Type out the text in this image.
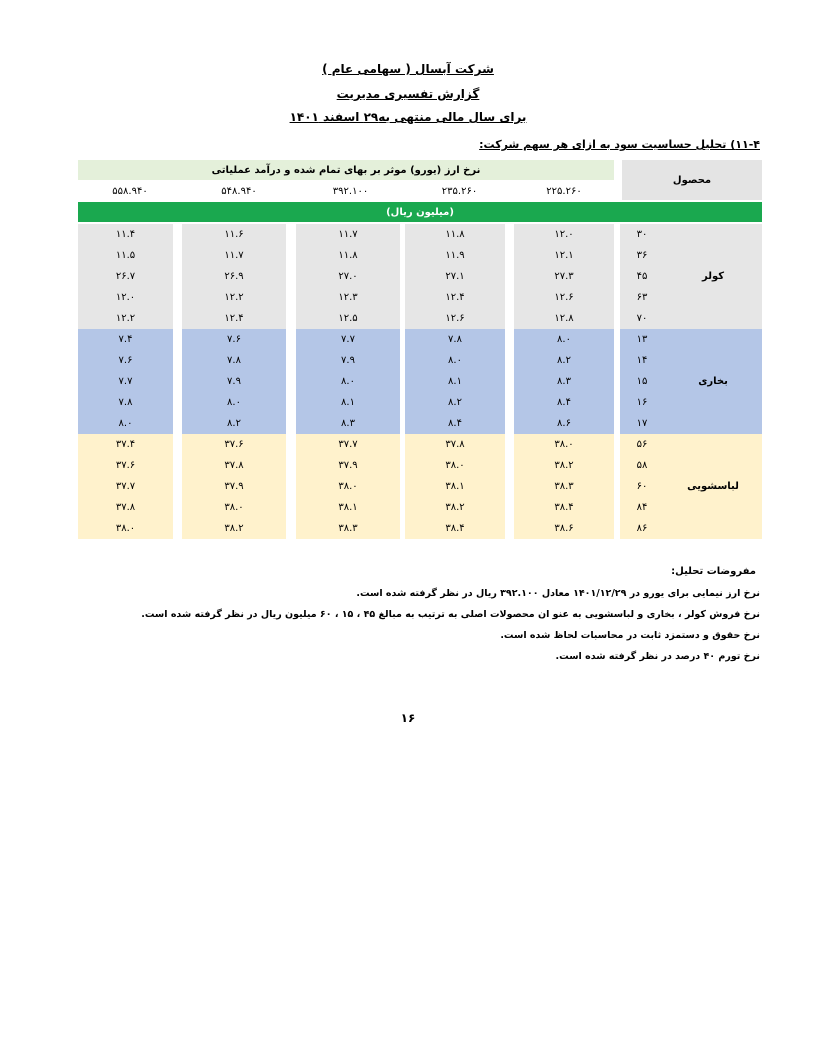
شرکت آبسال ( سهامی عام )
گزارش تفسیری مدیریت
برای سال مالی منتهی به۲۹ اسفند ۱۴۰۱
۱۱-۴) تحلیل حساسیت سود به ازای هر سهم شرکت:
محصول
نرخ ارز (یورو) موثر بر بهای تمام شده و درآمد عملیاتی
۲۲۵.۲۶۰
۲۳۵.۲۶۰
۳۹۲.۱۰۰
۵۴۸.۹۴۰
۵۵۸.۹۴۰
(میلیون ریال)
کولر
۳۰
۱۲.۰
۱۱.۸
۱۱.۷
۱۱.۶
۱۱.۴
۳۶
۱۲.۱
۱۱.۹
۱۱.۸
۱۱.۷
۱۱.۵
۴۵
۲۷.۳
۲۷.۱
۲۷.۰
۲۶.۹
۲۶.۷
۶۳
۱۲.۶
۱۲.۴
۱۲.۳
۱۲.۲
۱۲.۰
۷۰
۱۲.۸
۱۲.۶
۱۲.۵
۱۲.۴
۱۲.۲
بخاری
۱۳
۸.۰
۷.۸
۷.۷
۷.۶
۷.۴
۱۴
۸.۲
۸.۰
۷.۹
۷.۸
۷.۶
۱۵
۸.۳
۸.۱
۸.۰
۷.۹
۷.۷
۱۶
۸.۴
۸.۲
۸.۱
۸.۰
۷.۸
۱۷
۸.۶
۸.۴
۸.۳
۸.۲
۸.۰
لباسشویی
۵۶
۳۸.۰
۳۷.۸
۳۷.۷
۳۷.۶
۳۷.۴
۵۸
۳۸.۲
۳۸.۰
۳۷.۹
۳۷.۸
۳۷.۶
۶۰
۳۸.۳
۳۸.۱
۳۸.۰
۳۷.۹
۳۷.۷
۸۴
۳۸.۴
۳۸.۲
۳۸.۱
۳۸.۰
۳۷.۸
۸۶
۳۸.۶
۳۸.۴
۳۸.۳
۳۸.۲
۳۸.۰
مفروضات تحلیل:
نرخ ارز نیمایی برای یورو در ۱۴۰۱/۱۲/۲۹ معادل ۳۹۲.۱۰۰ ریال در نظر گرفته شده است.
نرخ فروش کولر ، بخاری و لباسشویی به عنو ان محصولات اصلی به ترتیب به مبالغ ۴۵ ، ۱۵ ، ۶۰ میلیون ریال در نظر گرفته شده است.
نرخ حقوق و دستمزد ثابت در محاسبات لحاظ شده است.
نرخ تورم ۴۰ درصد در نظر گرفته شده است.
۱۶
